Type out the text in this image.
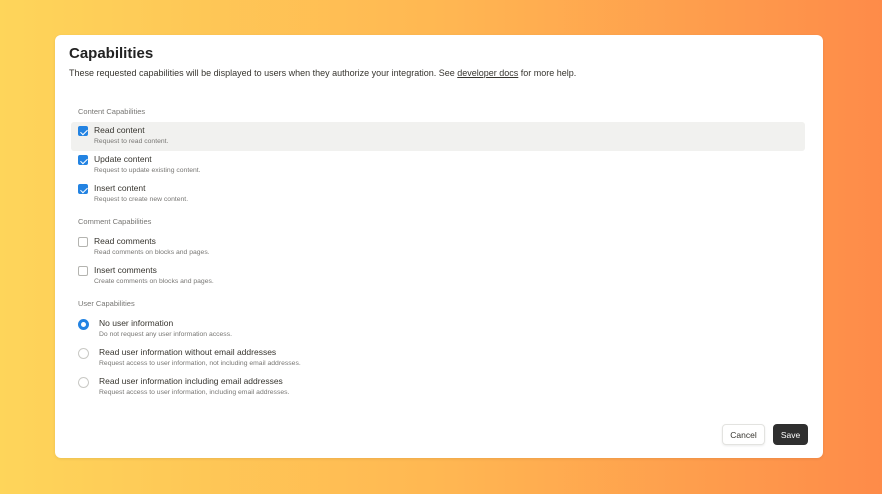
Capabilities
These requested capabilities will be displayed to users when they authorize your integration. See developer docs for more help.
Content Capabilities
Read content
Request to read content.
Update content
Request to update existing content.
Insert content
Request to create new content.
Comment Capabilities
Read comments
Read comments on blocks and pages.
Insert comments
Create comments on blocks and pages.
User Capabilities
No user information
Do not request any user information access.
Read user information without email addresses
Request access to user information, not including email addresses.
Read user information including email addresses
Request access to user information, including email addresses.
Cancel	Save
